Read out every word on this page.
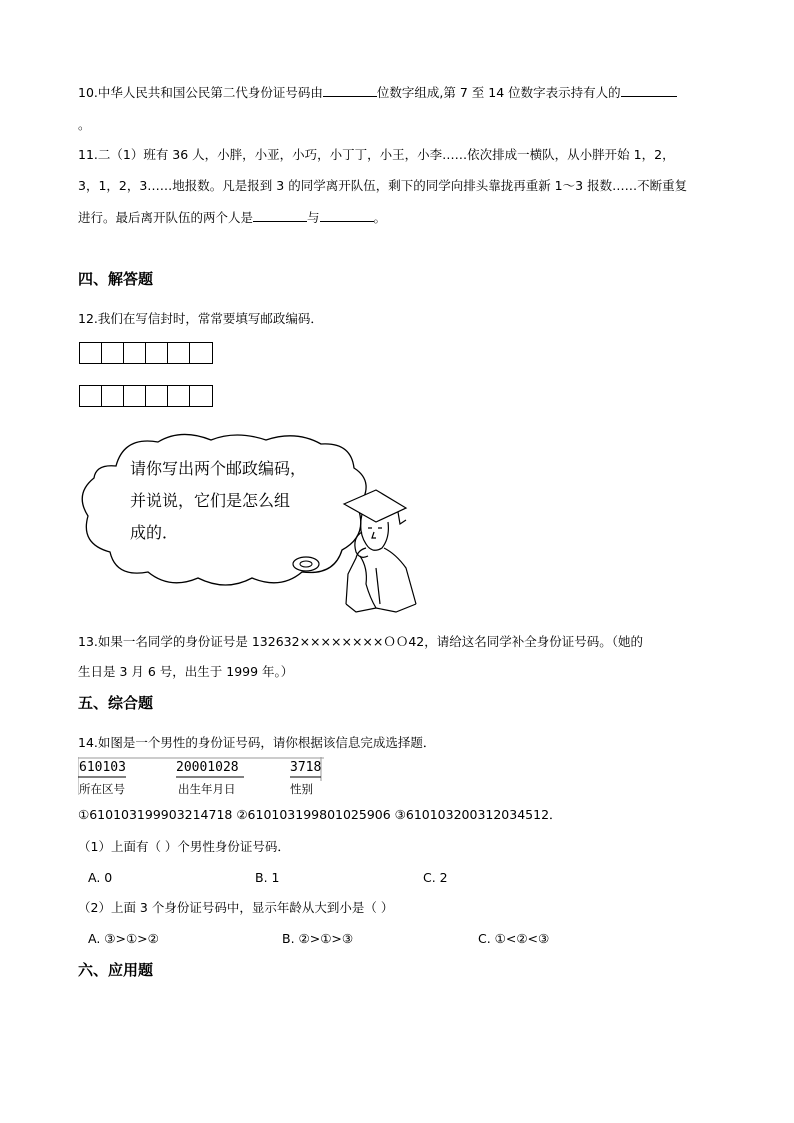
10.中华人民共和国公民第二代身份证号码由	位数字组成,第 7 至 14 位数字表示持有人的
。
11.二（1）班有 36 人，小胖，小亚，小巧，小丁丁，小王，小李……依次排成一横队，从小胖开始 1，2，
3，1，2，3……地报数。凡是报到 3 的同学离开队伍，剩下的同学向排头靠拢再重新 1～3 报数……不断重复
进行。最后离开队伍的两个人是	与	。
四、解答题
12.我们在写信封时，常常要填写邮政编码．
请你写出两个邮政编码，
并说说，它们是怎么组
成的．
13.如果一名同学的身份证号是 132632××××××××ＯＯ42，请给这名同学补全身份证号码。（她的
生日是 3 月 6 号，出生于 1999 年。）
五、综合题
14.如图是一个男性的身份证号码，请你根据该信息完成选择题．
610103	20001028	3718
所在区号	出生年月日	性别
①610103199903214718 ②610103199801025906 ③610103200312034512．
（1）上面有（ ）个男性身份证号码．
A. 0	B. 1	C. 2
（2）上面 3 个身份证号码中，显示年龄从大到小是（ ）
A. ③>①>②	B. ②>①>③	C. ①<②<③
六、应用题
